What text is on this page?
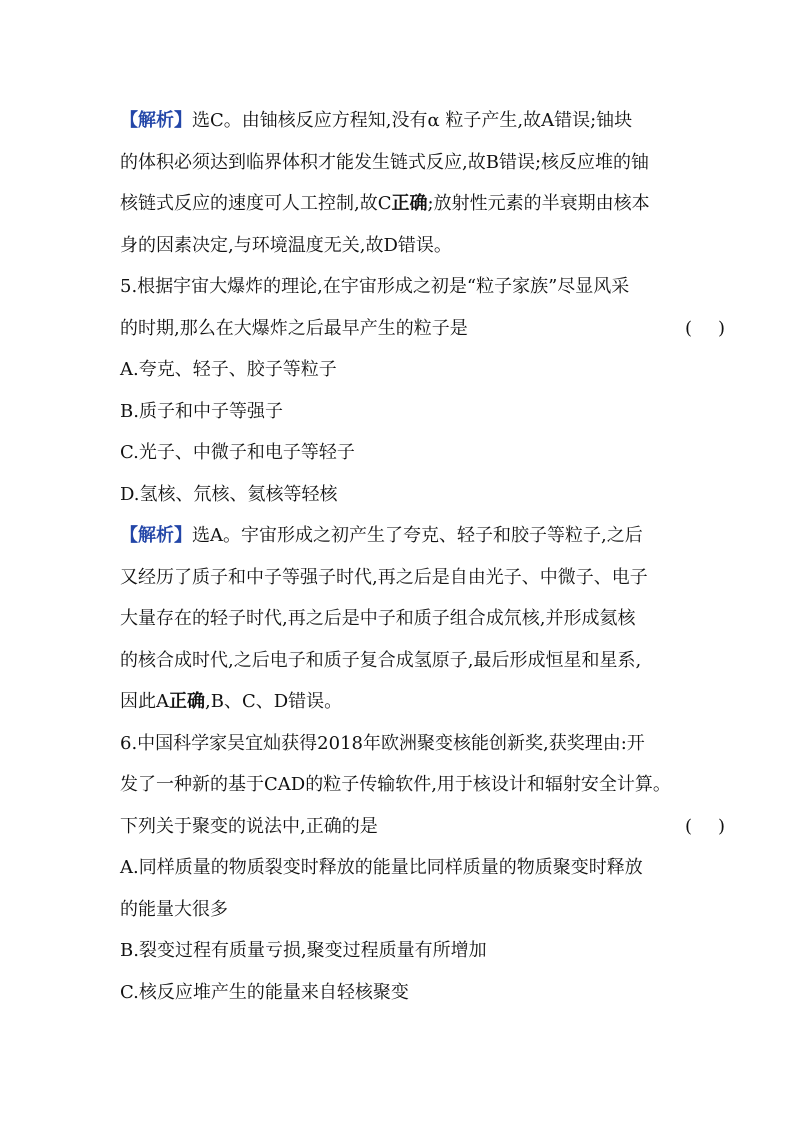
【解析】选C。由铀核反应方程知,没有α 粒子产生,故A错误;铀块
的体积必须达到临界体积才能发生链式反应,故B错误;核反应堆的铀
核链式反应的速度可人工控制,故C正确;放射性元素的半衰期由核本
身的因素决定,与环境温度无关,故D错误。
5.根据宇宙大爆炸的理论,在宇宙形成之初是“粒子家族”尽显风采
的时期,那么在大爆炸之后最早产生的粒子是	( )
A.夸克、轻子、胶子等粒子
B.质子和中子等强子
C.光子、中微子和电子等轻子
D.氢核、氘核、氦核等轻核
【解析】选A。宇宙形成之初产生了夸克、轻子和胶子等粒子,之后
又经历了质子和中子等强子时代,再之后是自由光子、中微子、电子
大量存在的轻子时代,再之后是中子和质子组合成氘核,并形成氦核
的核合成时代,之后电子和质子复合成氢原子,最后形成恒星和星系,
因此A正确,B、C、D错误。
6.中国科学家吴宜灿获得2018年欧洲聚变核能创新奖,获奖理由:开
发了一种新的基于CAD的粒子传输软件,用于核设计和辐射安全计算。
下列关于聚变的说法中,正确的是	( )
A.同样质量的物质裂变时释放的能量比同样质量的物质聚变时释放
的能量大很多
B.裂变过程有质量亏损,聚变过程质量有所增加
C.核反应堆产生的能量来自轻核聚变
